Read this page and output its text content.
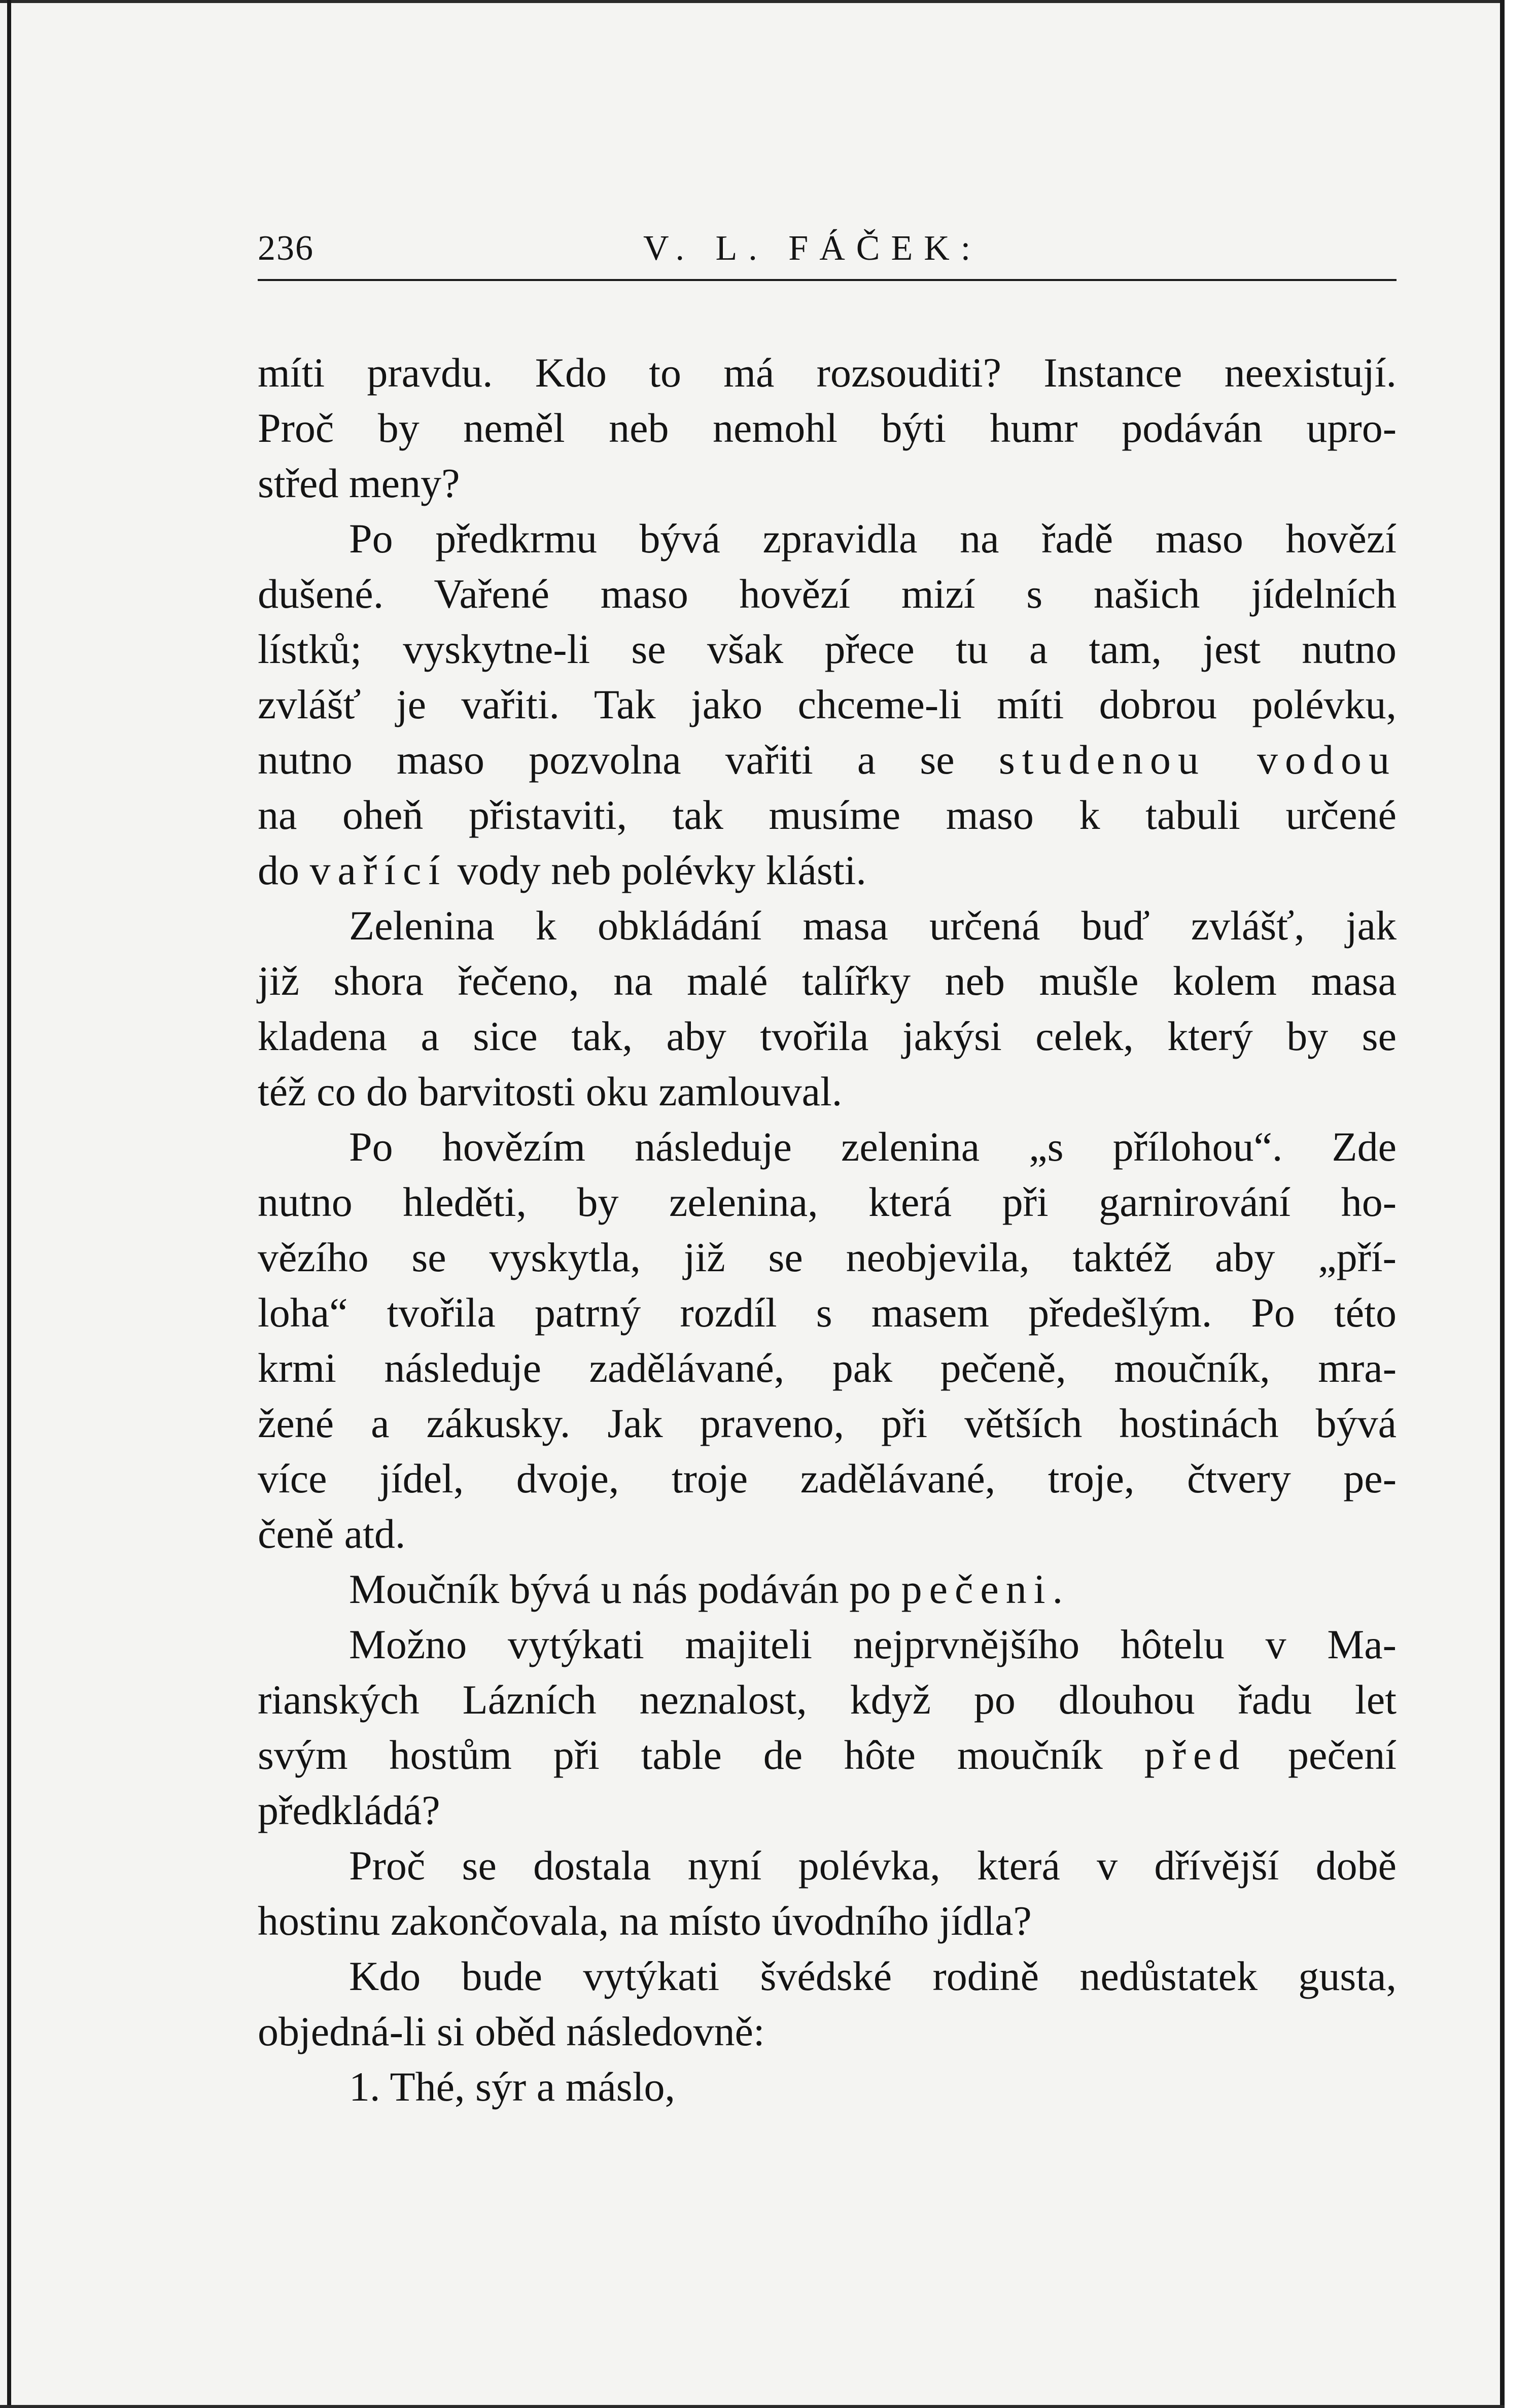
236	V. L. FÁČEK:
míti pravdu. Kdo to má rozsouditi? Instance neexistují.
Proč by neměl neb nemohl býti humr podáván upro-
střed meny?
Po předkrmu bývá zpravidla na řadě maso hovězí
dušené. Vařené maso hovězí mizí s našich jídelních
lístků; vyskytne-li se však přece tu a tam, jest nutno
zvlášť je vařiti. Tak jako chceme-li míti dobrou polévku,
nutno maso pozvolna vařiti a se studenou vodou
na oheň přistaviti, tak musíme maso k tabuli určené
do vařící vody neb polévky klásti.
Zelenina k obkládání masa určená buď zvlášť, jak
již shora řečeno, na malé talířky neb mušle kolem masa
kladena a sice tak, aby tvořila jakýsi celek, který by se
též co do barvitosti oku zamlouval.
Po hovězím následuje zelenina „s přílohou“. Zde
nutno hleděti, by zelenina, která při garnirování ho-
vězího se vyskytla, již se neobjevila, taktéž aby „pří-
loha“ tvořila patrný rozdíl s masem předešlým. Po této
krmi následuje zadělávané, pak pečeně, moučník, mra-
žené a zákusky. Jak praveno, při větších hostinách bývá
více jídel, dvoje, troje zadělávané, troje, čtvery pe-
čeně atd.
Moučník bývá u nás podáván po pečeni.
Možno vytýkati majiteli nejprvnějšího hôtelu v Ma-
rianských Lázních neznalost, když po dlouhou řadu let
svým hostům při table de hôte moučník před pečení
předkládá?
Proč se dostala nyní polévka, která v dřívější době
hostinu zakončovala, na místo úvodního jídla?
Kdo bude vytýkati švédské rodině nedůstatek gusta,
objedná-li si oběd následovně:
1. Thé, sýr a máslo,
